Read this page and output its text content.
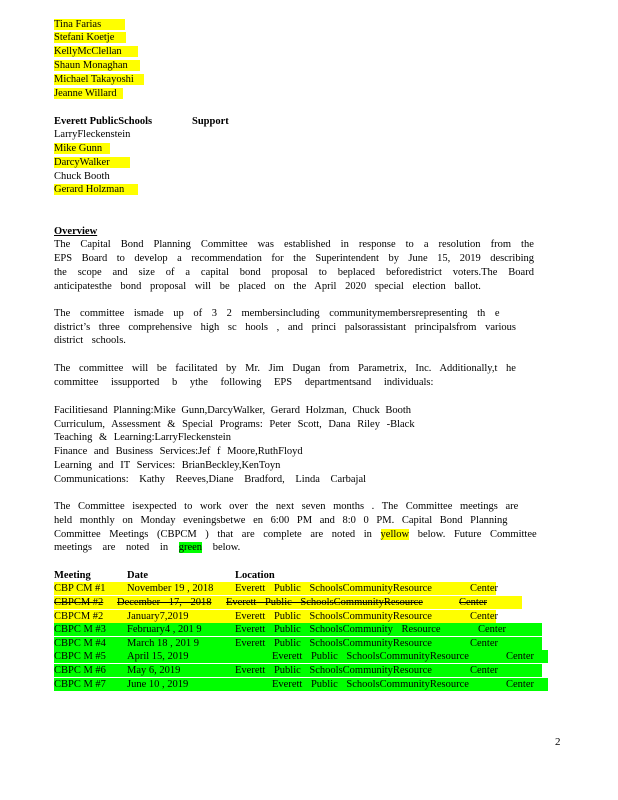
Tina Farias
Stefani Koetje
KellyMcClellan
Shaun Monaghan
Michael Takayoshi
Jeanne Willard
Everett PublicSchools	Support
LarryFleckenstein
Mike Gunn
DarcyWalker
Chuck Booth
Gerard Holzman
Overview
The Capital Bond Planning Committee was established in response to a resolution from the
EPS Board to develop a recommendation for the Superintendent by June 15, 2019 describing
the scope and size of a capital bond proposal to beplaced beforedistrict voters.The Board
anticipatesthe bond proposal will be placed on the April 2020 special election ballot.
The committee ismade up of 3 2 membersincluding communitymembersrepresenting th e
district’s three comprehensive high sc hools , and princi palsorassistant principalsfrom various
district schools.
The committee will be facilitated by Mr. Jim Dugan from Parametrix, Inc. Additionally,t he
committee issupported b ythe following EPS departmentsand individuals:
Facilitiesand Planning:Mike Gunn,DarcyWalker, Gerard Holzman, Chuck Booth
Curriculum, Assessment & Special Programs: Peter Scott, Dana Riley -Black
Teaching & Learning:LarryFleckenstein
Finance and Business Services:Jef f Moore,RuthFloyd
Learning and IT Services: BrianBeckley,KenToyn
Communications: Kathy Reeves,Diane Bradford, Linda Carbajal
The Committee isexpected to work over the next seven months . The Committee meetings are
held monthly on Monday eveningsbetwe en 6:00 PM and 8:0 0 PM. Capital Bond Planning
Committee Meetings (CBPCM ) that are complete are noted in yellow below. Future Committee
meetings are noted in green below.
Meeting	Date	Location
CBP CM #1 November 19 , 2018 Everett Public SchoolsCommunityResource	Center
CBPCM #2 December 17, 2018 Everett Public SchoolsCommunityResource	Center
CBPCM #2 January7,2019	Everett Public SchoolsCommunityResource	Center
CBPC M #3 February4 , 201 9	Everett Public SchoolsCommunity Resource	Center
CBPC M #4 March 18 , 201 9	Everett Public SchoolsCommunityResource	Center
CBPC M #5 April 15, 2019	Everett Public SchoolsCommunityResource	Center
CBPC M #6 May 6, 2019	Everett Public SchoolsCommunityResource	Center
CBPC M #7 June 10 , 2019	Everett Public SchoolsCommunityResource	Center
2
